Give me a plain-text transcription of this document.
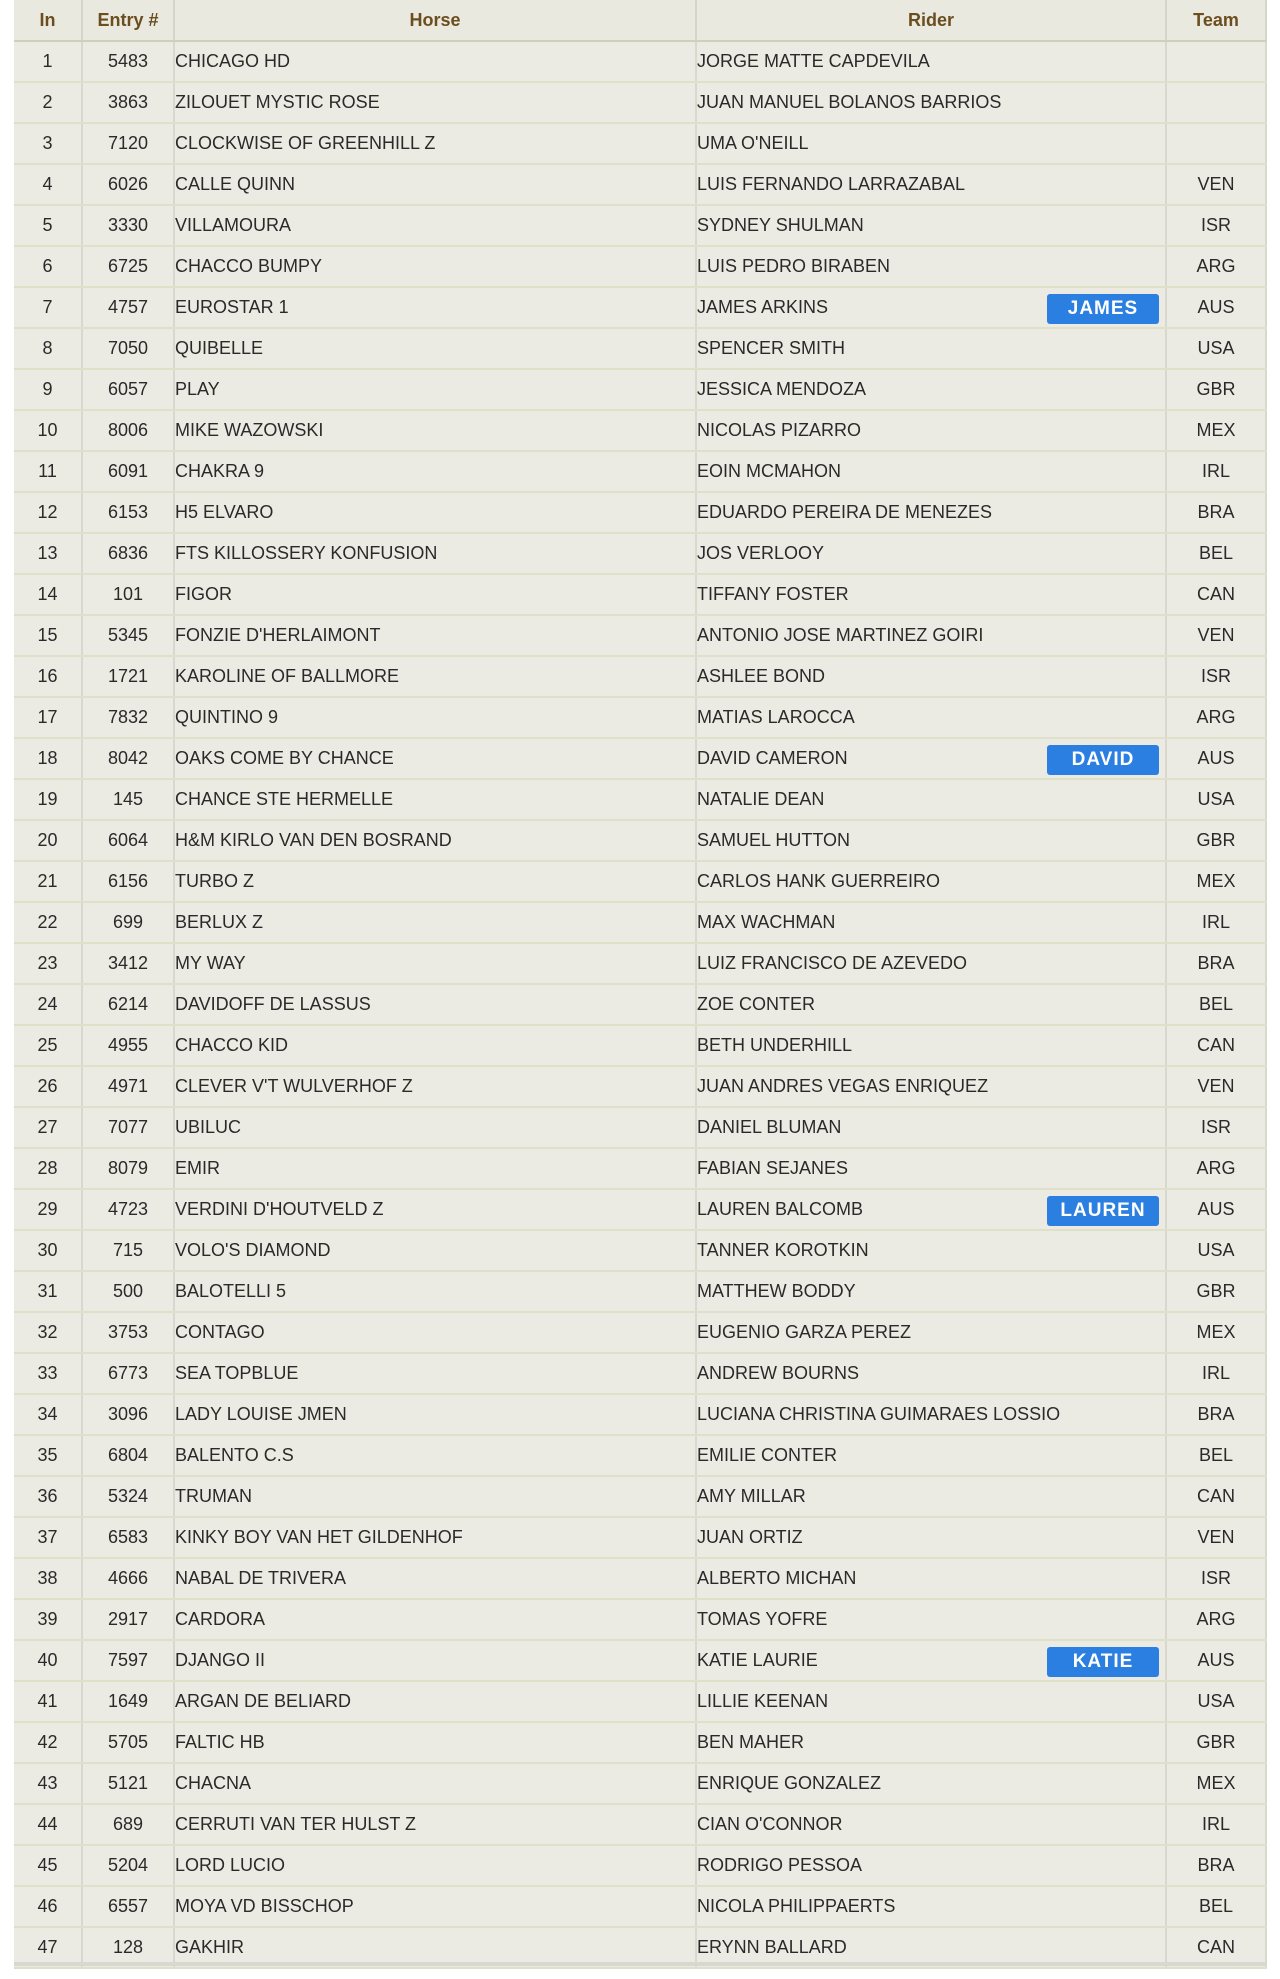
In	Entry #	Horse	Rider	Team
1	5483	CHICAGO HD	JORGE MATTE CAPDEVILA	
2	3863	ZILOUET MYSTIC ROSE	JUAN MANUEL BOLANOS BARRIOS	
3	7120	CLOCKWISE OF GREENHILL Z	UMA O'NEILL	
4	6026	CALLE QUINN	LUIS FERNANDO LARRAZABAL	VEN
5	3330	VILLAMOURA	SYDNEY SHULMAN	ISR
6	6725	CHACCO BUMPY	LUIS PEDRO BIRABEN	ARG
7	4757	EUROSTAR 1	JAMES ARKINS JAMES	AUS
8	7050	QUIBELLE	SPENCER SMITH	USA
9	6057	PLAY	JESSICA MENDOZA	GBR
10	8006	MIKE WAZOWSKI	NICOLAS PIZARRO	MEX
11	6091	CHAKRA 9	EOIN MCMAHON	IRL
12	6153	H5 ELVARO	EDUARDO PEREIRA DE MENEZES	BRA
13	6836	FTS KILLOSSERY KONFUSION	JOS VERLOOY	BEL
14	101	FIGOR	TIFFANY FOSTER	CAN
15	5345	FONZIE D'HERLAIMONT	ANTONIO JOSE MARTINEZ GOIRI	VEN
16	1721	KAROLINE OF BALLMORE	ASHLEE BOND	ISR
17	7832	QUINTINO 9	MATIAS LAROCCA	ARG
18	8042	OAKS COME BY CHANCE	DAVID CAMERON DAVID	AUS
19	145	CHANCE STE HERMELLE	NATALIE DEAN	USA
20	6064	H&M KIRLO VAN DEN BOSRAND	SAMUEL HUTTON	GBR
21	6156	TURBO Z	CARLOS HANK GUERREIRO	MEX
22	699	BERLUX Z	MAX WACHMAN	IRL
23	3412	MY WAY	LUIZ FRANCISCO DE AZEVEDO	BRA
24	6214	DAVIDOFF DE LASSUS	ZOE CONTER	BEL
25	4955	CHACCO KID	BETH UNDERHILL	CAN
26	4971	CLEVER V'T WULVERHOF Z	JUAN ANDRES VEGAS ENRIQUEZ	VEN
27	7077	UBILUC	DANIEL BLUMAN	ISR
28	8079	EMIR	FABIAN SEJANES	ARG
29	4723	VERDINI D'HOUTVELD Z	LAUREN BALCOMB LAUREN	AUS
30	715	VOLO'S DIAMOND	TANNER KOROTKIN	USA
31	500	BALOTELLI 5	MATTHEW BODDY	GBR
32	3753	CONTAGO	EUGENIO GARZA PEREZ	MEX
33	6773	SEA TOPBLUE	ANDREW BOURNS	IRL
34	3096	LADY LOUISE JMEN	LUCIANA CHRISTINA GUIMARAES LOSSIO	BRA
35	6804	BALENTO C.S	EMILIE CONTER	BEL
36	5324	TRUMAN	AMY MILLAR	CAN
37	6583	KINKY BOY VAN HET GILDENHOF	JUAN ORTIZ	VEN
38	4666	NABAL DE TRIVERA	ALBERTO MICHAN	ISR
39	2917	CARDORA	TOMAS YOFRE	ARG
40	7597	DJANGO II	KATIE LAURIE KATIE	AUS
41	1649	ARGAN DE BELIARD	LILLIE KEENAN	USA
42	5705	FALTIC HB	BEN MAHER	GBR
43	5121	CHACNA	ENRIQUE GONZALEZ	MEX
44	689	CERRUTI VAN TER HULST Z	CIAN O'CONNOR	IRL
45	5204	LORD LUCIO	RODRIGO PESSOA	BRA
46	6557	MOYA VD BISSCHOP	NICOLA PHILIPPAERTS	BEL
47	128	GAKHIR	ERYNN BALLARD	CAN
